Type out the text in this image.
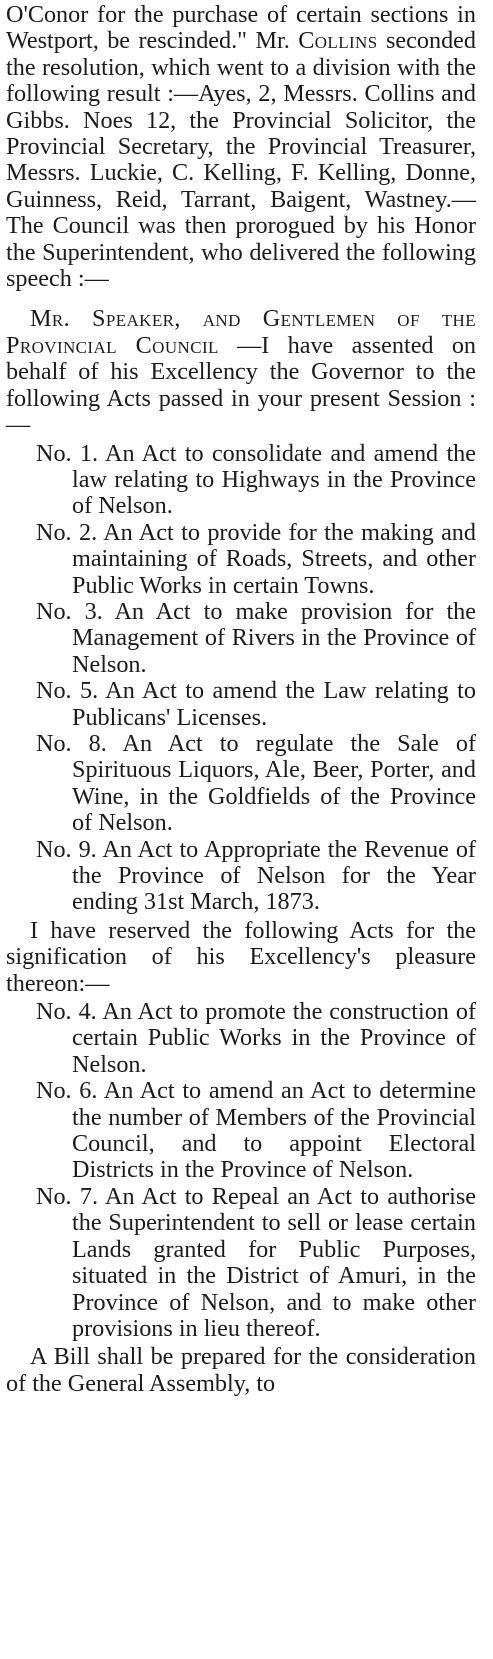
O'Conor for the purchase of certain sections in Westport, be rescinded." Mr. Collins seconded the resolution, which went to a division with the following result :—Ayes, 2, Messrs. Collins and Gibbs. Noes 12, the Provincial Solicitor, the Provincial Secretary, the Provincial Treasurer, Messrs. Luckie, C. Kelling, F. Kelling, Donne, Guinness, Reid, Tarrant, Baigent, Wastney.—The Council was then prorogued by his Honor the Superintendent, who delivered the following speech :—

Mr. Speaker, and Gentlemen of the Provincial Council —I have assented on behalf of his Excellency the Governor to the following Acts passed in your present Session :—

No. 1. An Act to consolidate and amend the law relating to Highways in the Province of Nelson.
No. 2. An Act to provide for the making and maintaining of Roads, Streets, and other Public Works in certain Towns.
No. 3. An Act to make provision for the Management of Rivers in the Province of Nelson.
No. 5. An Act to amend the Law relating to Publicans' Licenses.
No. 8. An Act to regulate the Sale of Spirituous Liquors, Ale, Beer, Porter, and Wine, in the Goldfields of the Province of Nelson.
No. 9. An Act to Appropriate the Revenue of the Province of Nelson for the Year ending 31st March, 1873.

I have reserved the following Acts for the signification of his Excellency's pleasure thereon:—

No. 4. An Act to promote the construction of certain Public Works in the Province of Nelson.
No. 6. An Act to amend an Act to determine the number of Members of the Provincial Council, and to appoint Electoral Districts in the Province of Nelson.
No. 7. An Act to Repeal an Act to authorise the Superintendent to sell or lease certain Lands granted for Public Purposes, situated in the District of Amuri, in the Province of Nelson, and to make other provisions in lieu thereof.

A Bill shall be prepared for the consideration of the General Assembly, to
